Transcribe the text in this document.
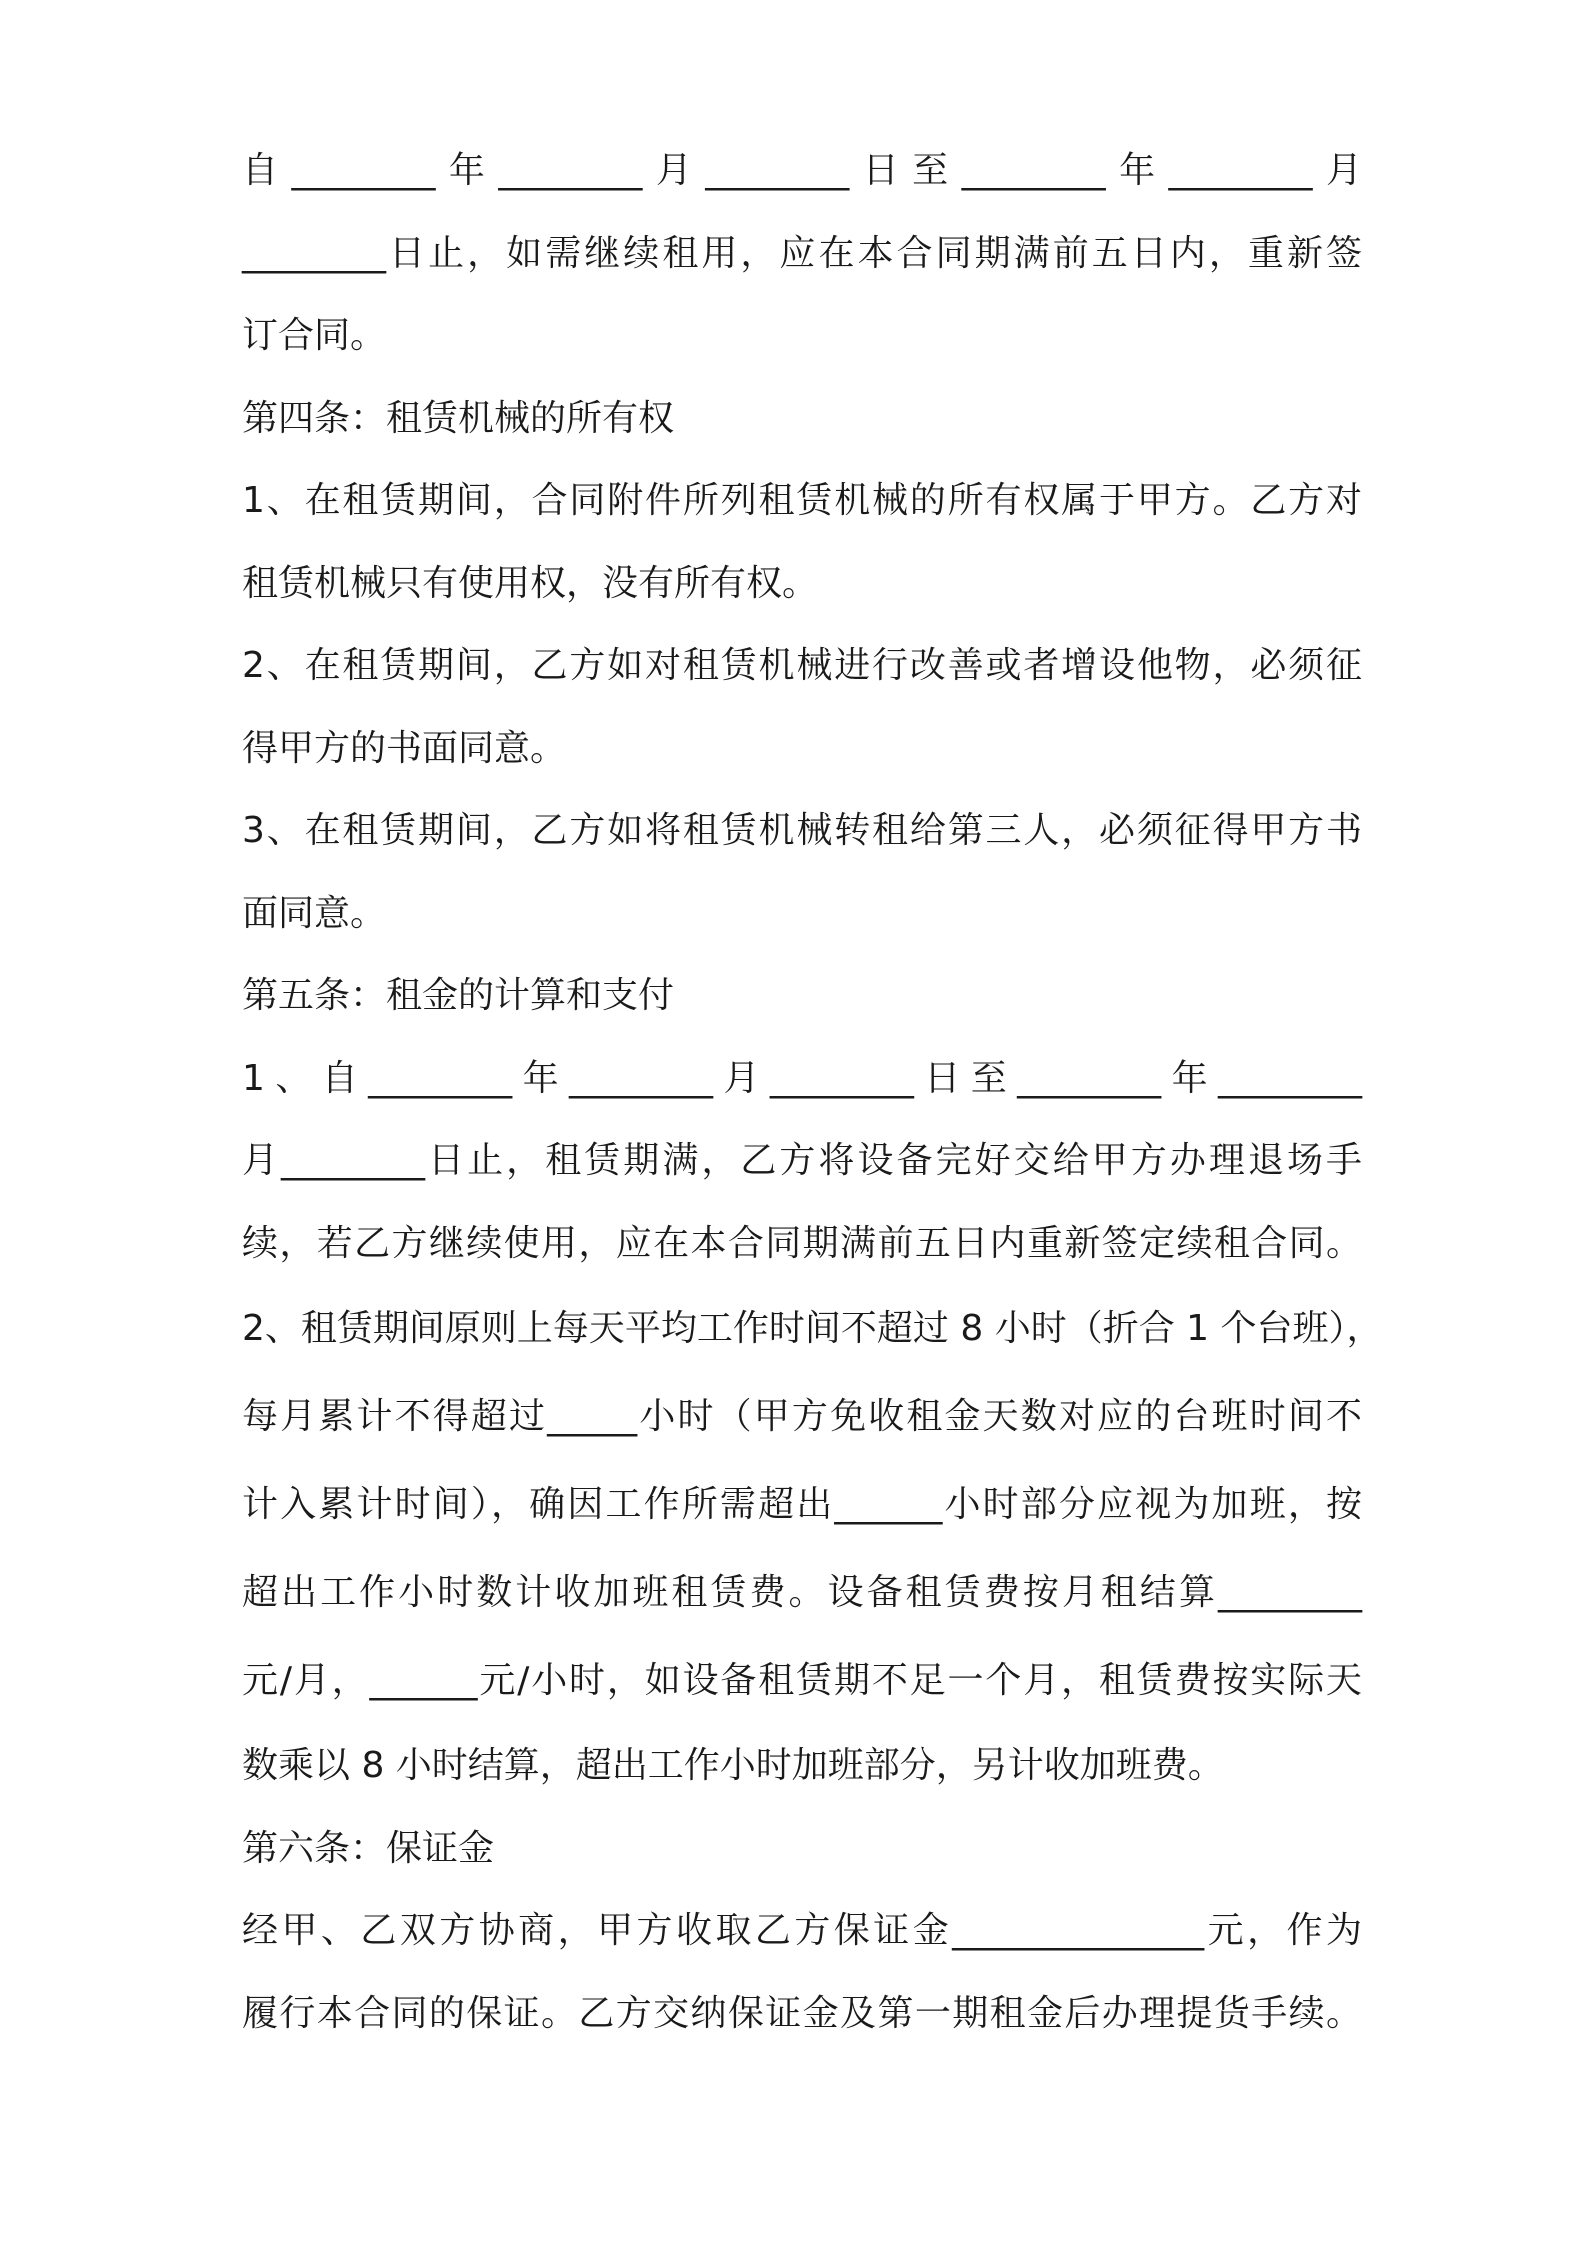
自________年________月________日至________年________月
________日止，如需继续租用，应在本合同期满前五日内，重新签
订合同。
第四条：租赁机械的所有权
1、在租赁期间，合同附件所列租赁机械的所有权属于甲方。乙方对
租赁机械只有使用权，没有所有权。
2、在租赁期间，乙方如对租赁机械进行改善或者增设他物，必须征
得甲方的书面同意。
3、在租赁期间，乙方如将租赁机械转租给第三人，必须征得甲方书
面同意。
第五条：租金的计算和支付
1、自________年________月________日至________年________
月________日止，租赁期满，乙方将设备完好交给甲方办理退场手
续，若乙方继续使用，应在本合同期满前五日内重新签定续租合同。
2、租赁期间原则上每天平均工作时间不超过 8 小时（折合 1 个台班），
每月累计不得超过_____小时（甲方免收租金天数对应的台班时间不
计入累计时间），确因工作所需超出______小时部分应视为加班，按
超出工作小时数计收加班租赁费。设备租赁费按月租结算________
元/月，______元/小时，如设备租赁期不足一个月，租赁费按实际天
数乘以 8 小时结算，超出工作小时加班部分，另计收加班费。
第六条：保证金
经甲、乙双方协商，甲方收取乙方保证金______________元，作为
履行本合同的保证。乙方交纳保证金及第一期租金后办理提货手续。
